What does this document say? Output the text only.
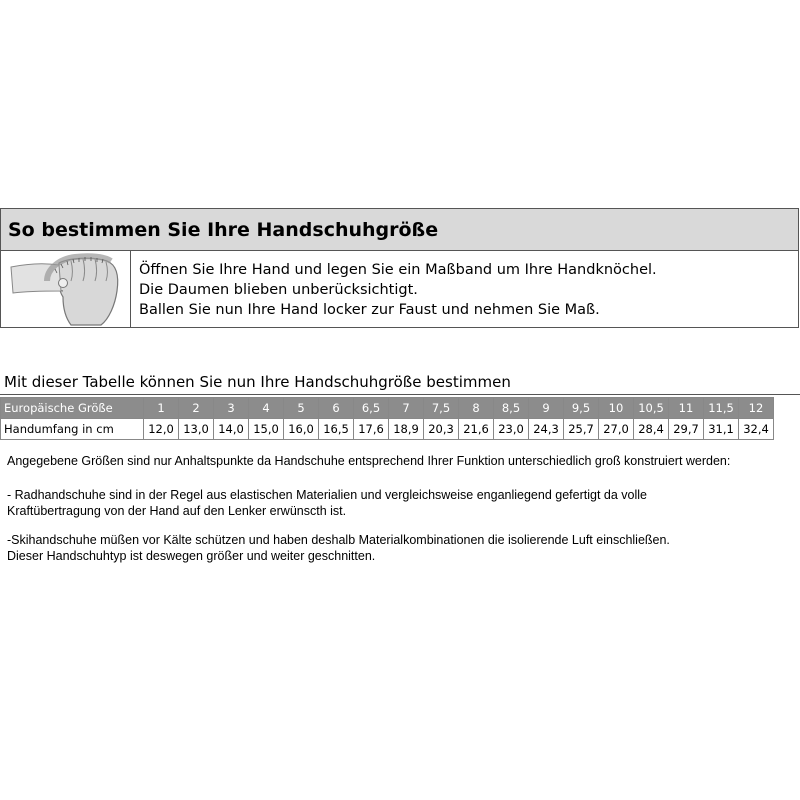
So bestimmen Sie Ihre Handschuhgröße
Öffnen Sie Ihre Hand und legen Sie ein Maßband um Ihre Handknöchel.
Die Daumen blieben unberücksichtigt.
Ballen Sie nun Ihre Hand locker zur Faust und nehmen Sie Maß.
Mit dieser Tabelle können Sie nun Ihre Handschuhgröße bestimmen
Europäische Größe	1	2	3	4	5	6	6,5	7	7,5	8	8,5	9	9,5	10	10,5	11	11,5	12
Handumfang in cm	12,0	13,0	14,0	15,0	16,0	16,5	17,6	18,9	20,3	21,6	23,0	24,3	25,7	27,0	28,4	29,7	31,1	32,4

Angegebene Größen sind nur Anhaltspunkte da Handschuhe entsprechend Ihrer Funktion unterschiedlich groß konstruiert werden:

- Radhandschuhe sind in der Regel aus elastischen Materialien und vergleichsweise enganliegend gefertigt da volle
Kraftübertragung von der Hand auf den Lenker erwünscth ist.

-Skihandschuhe müßen vor Kälte schützen und haben deshalb Materialkombinationen die isolierende Luft einschließen.
Dieser Handschuhtyp ist deswegen größer und weiter geschnitten.
